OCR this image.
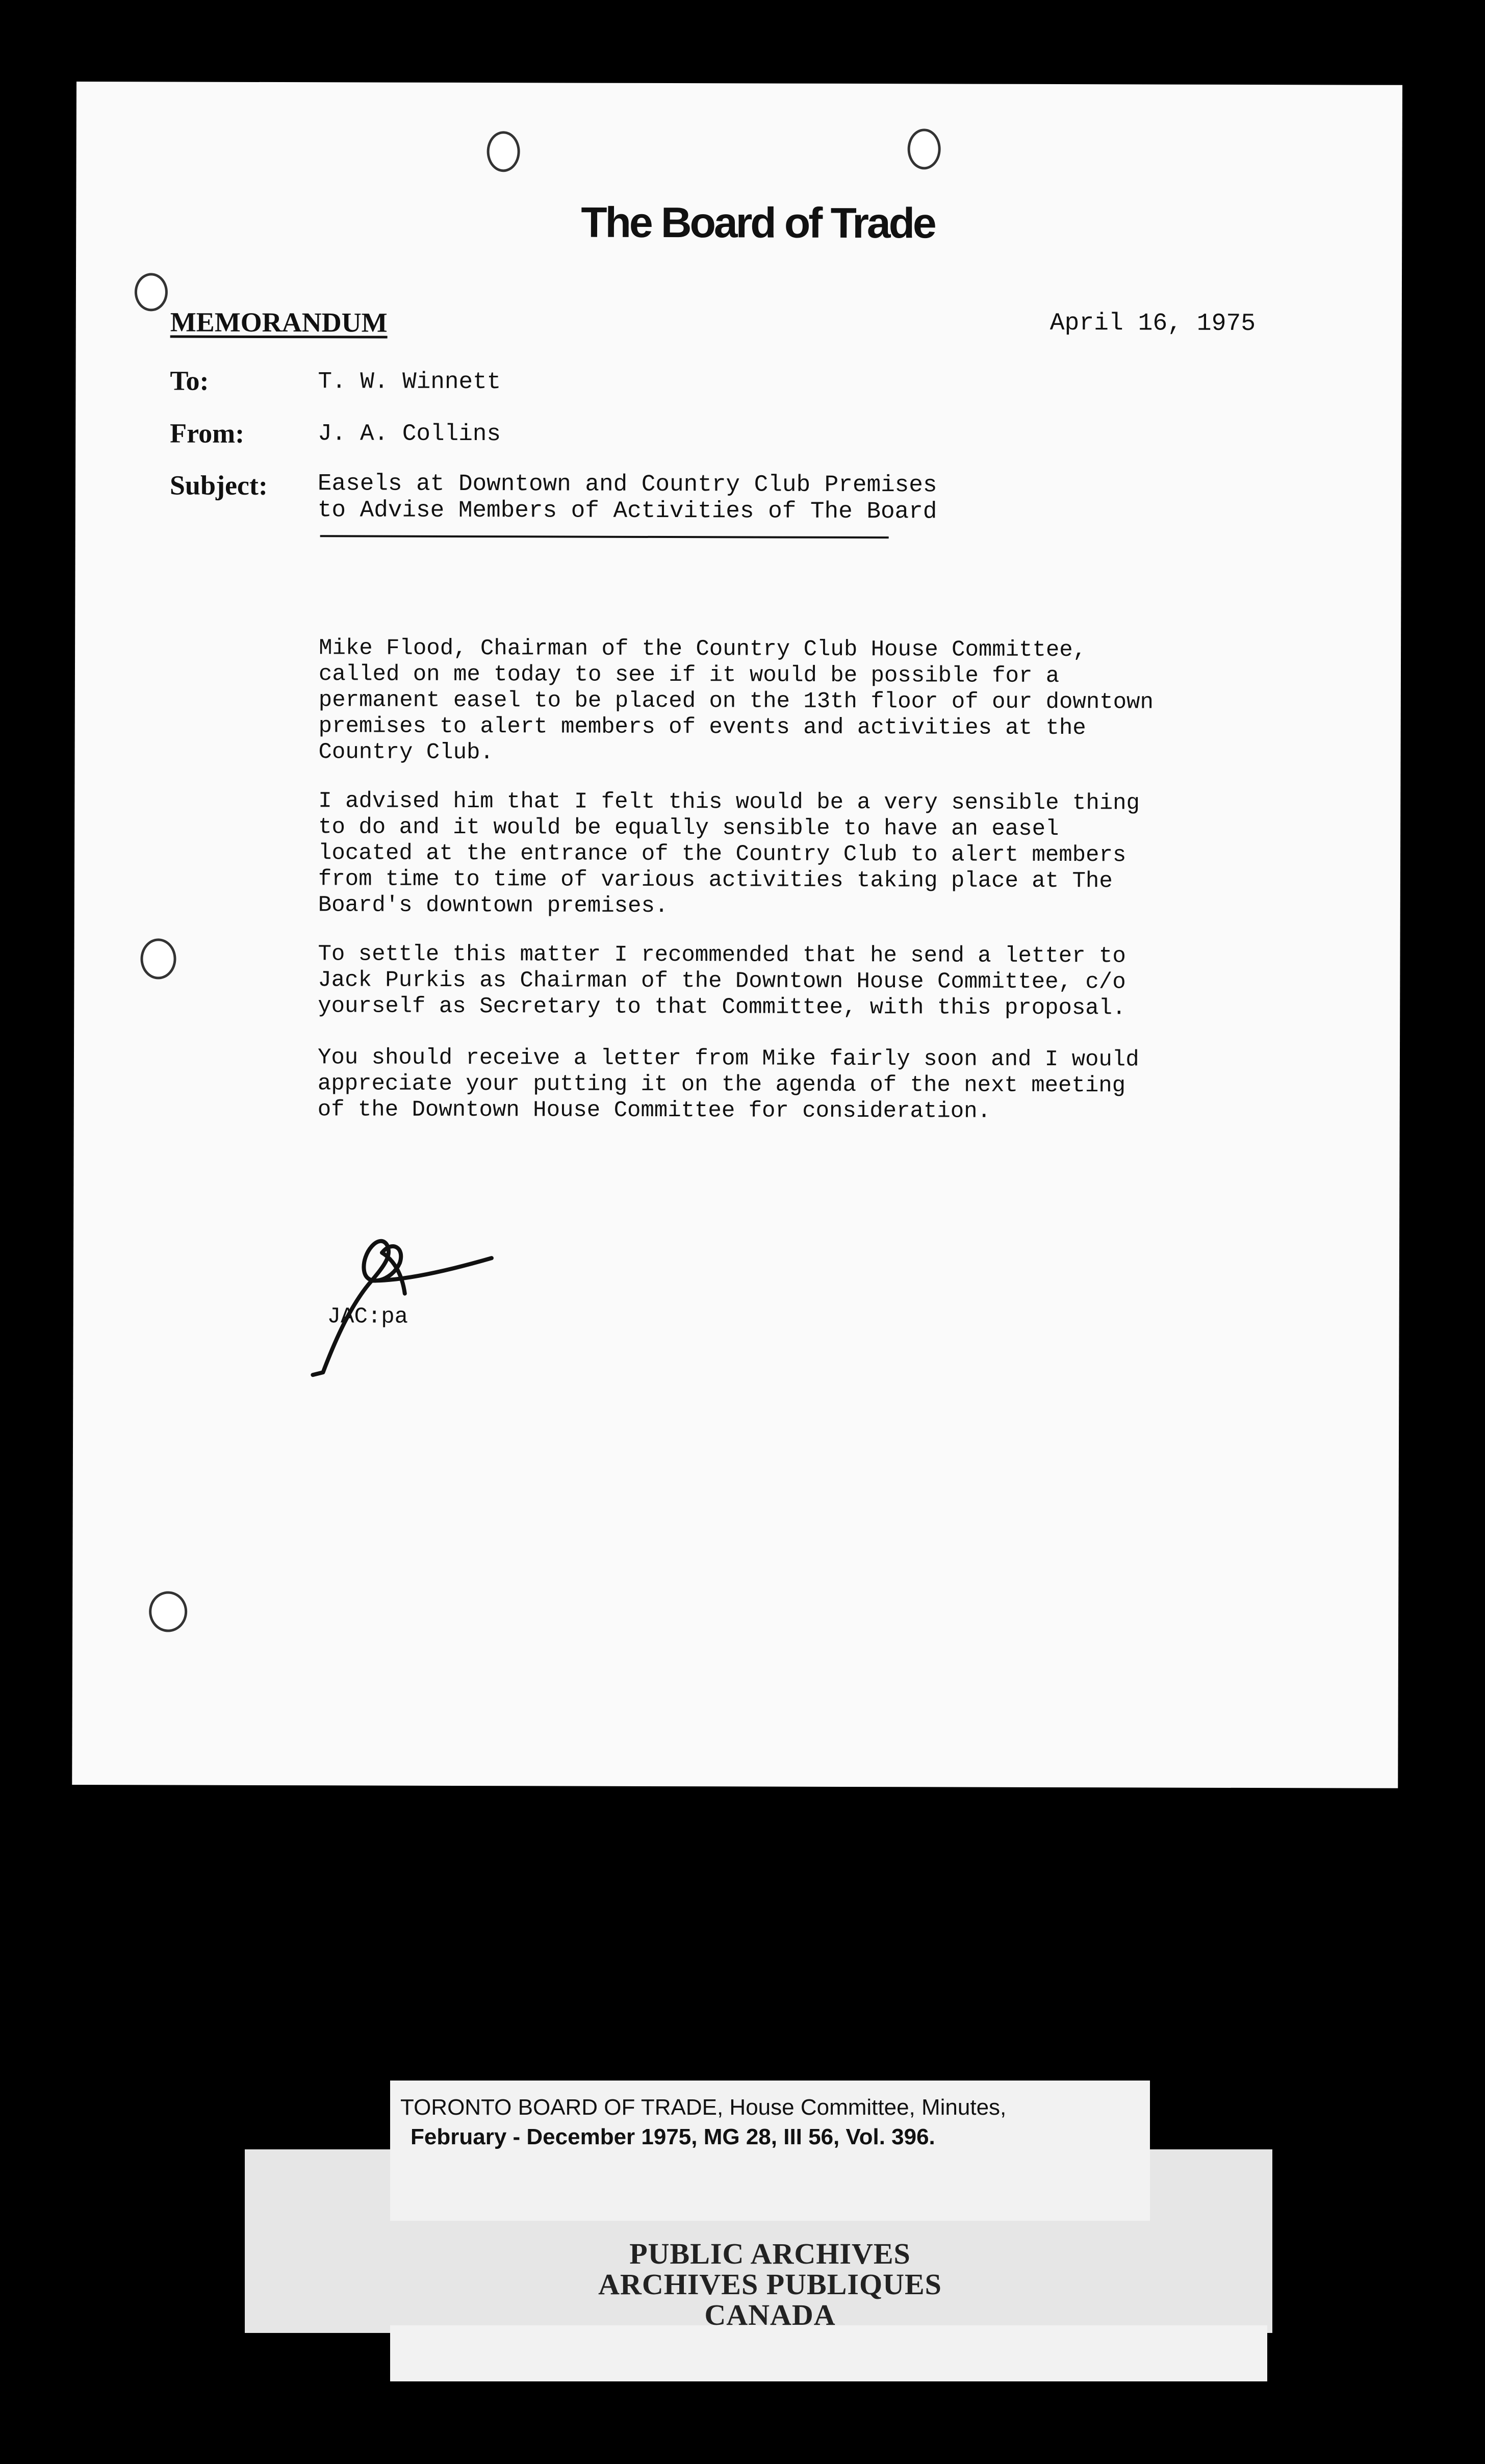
The Board of Trade
MEMORANDUM	April 16, 1975
To:	T. W. Winnett
From:	J. A. Collins
Subject: Easels at Downtown and Country Club Premises
to Advise Members of Activities of The Board

Mike Flood, Chairman of the Country Club House Committee,
called on me today to see if it would be possible for a
permanent easel to be placed on the 13th floor of our downtown
premises to alert members of events and activities at the
Country Club.

I advised him that I felt this would be a very sensible thing
to do and it would be equally sensible to have an easel
located at the entrance of the Country Club to alert members
from time to time of various activities taking place at The
Board's downtown premises.

To settle this matter I recommended that he send a letter to
Jack Purkis as Chairman of the Downtown House Committee, c/o
yourself as Secretary to that Committee, with this proposal.

You should receive a letter from Mike fairly soon and I would
appreciate your putting it on the agenda of the next meeting
of the Downtown House Committee for consideration.

JAC:pa
TORONTO BOARD OF TRADE, House Committee, Minutes,
February - December 1975, MG 28, III 56, Vol. 396.
PUBLIC ARCHIVES
ARCHIVES PUBLIQUES
CANADA
